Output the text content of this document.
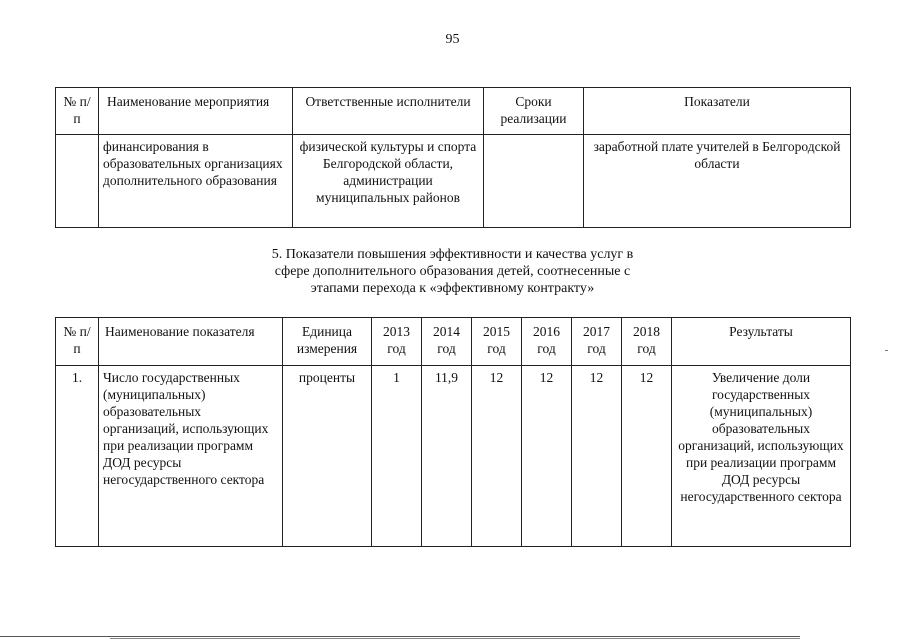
95
№ п/п	Наименование мероприятия	Ответственные исполнители	Сроки реализации	Показатели
	финансирования в образовательных организациях дополнительного образования	физической культуры и спорта Белгородской области, администрации муниципальных районов		заработной плате учителей в Белгородской области
5. Показатели повышения эффективности и качества услуг в
сфере дополнительного образования детей, соотнесенные с
этапами перехода к «эффективному контракту»
№ п/п	Наименование показателя	Единица измерения	2013 год	2014 год	2015 год	2016 год	2017 год	2018 год	Результаты
1.	Число государственных (муниципальных) образовательных организаций, использующих при реализации программ ДОД ресурсы негосударственного сектора	проценты	1	11,9	12	12	12	12	Увеличение доли государственных (муниципальных) образовательных организаций, использующих при реализации программ ДОД ресурсы негосударственного сектора
